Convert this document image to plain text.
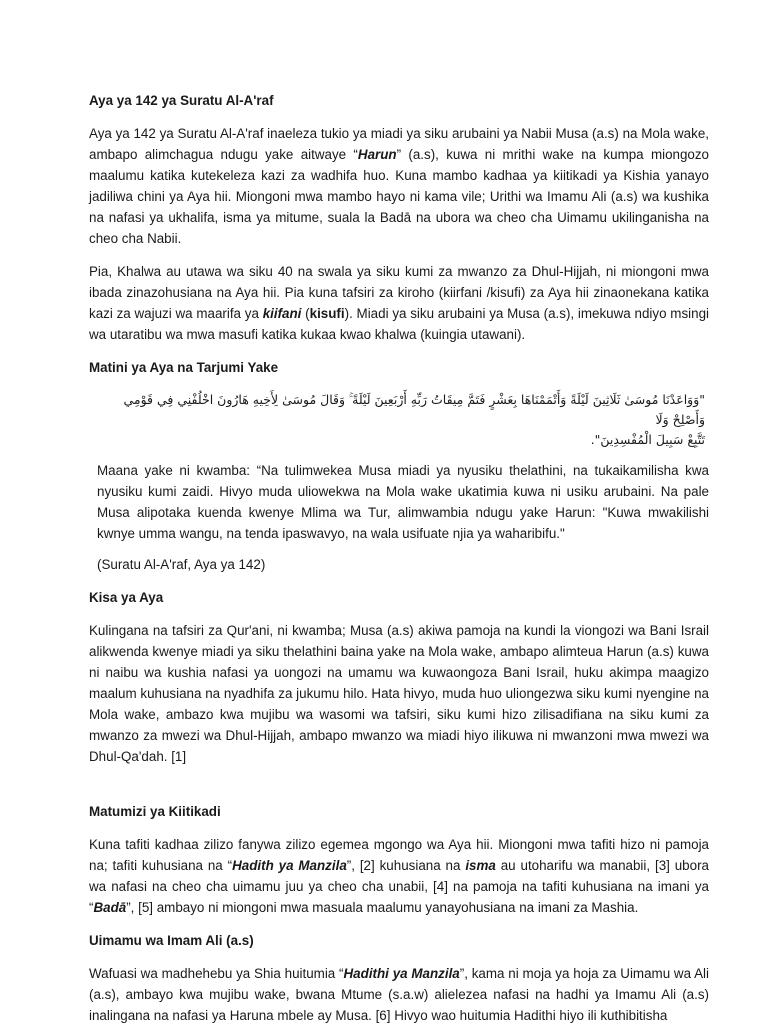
Aya ya 142 ya Suratu Al-A'raf

Aya ya 142 ya Suratu Al-A'raf inaeleza tukio ya miadi ya siku arubaini ya Nabii Musa (a.s) na Mola wake, ambapo alimchagua ndugu yake aitwaye “Harun” (a.s), kuwa ni mrithi wake na kumpa miongozo maalumu katika kutekeleza kazi za wadhifa huo. Kuna mambo kadhaa ya kiitikadi ya Kishia yanayo jadiliwa chini ya Aya hii. Miongoni mwa mambo hayo ni kama vile; Urithi wa Imamu Ali (a.s) wa kushika na nafasi ya ukhalifa, isma ya mitume, suala la Badā na ubora wa cheo cha Uimamu ukilinganisha na cheo cha Nabii.

Pia, Khalwa au utawa wa siku 40 na swala ya siku kumi za mwanzo za Dhul-Hijjah, ni miongoni mwa ibada zinazohusiana na Aya hii. Pia kuna tafsiri za kiroho (kiirfani /kisufi) za Aya hii zinaonekana katika kazi za wajuzi wa maarifa ya kiifani (kisufi). Miadi ya siku arubaini ya Musa (a.s), imekuwa ndiyo msingi wa utaratibu wa mwa masufi katika kukaa kwao khalwa (kuingia utawani).

Matini ya Aya na Tarjumi Yake
"وَوَاعَدْنَا مُوسَىٰ ثَلَاثِينَ لَيْلَةً وَأَتْمَمْنَاهَا بِعَشْرٍ فَتَمَّ مِيقَاتُ رَبِّهِ أَرْبَعِينَ لَيْلَةً ۚ وَقَالَ مُوسَىٰ لِأَخِيهِ هَارُونَ اخْلُفْنِي فِي قَوْمِي وَأَصْلِحْ وَلَا
تَتَّبِعْ سَبِيلَ الْمُفْسِدِينَ".

Maana yake ni kwamba: “Na tulimwekea Musa miadi ya nyusiku thelathini, na tukaikamilisha kwa nyusiku kumi zaidi. Hivyo muda uliowekwa na Mola wake ukatimia kuwa ni usiku arubaini. Na pale Musa alipotaka kuenda kwenye Mlima wa Tur, alimwambia ndugu yake Harun: "Kuwa mwakilishi kwnye umma wangu, na tenda ipaswavyo, na wala usifuate njia ya waharibifu."

(Suratu Al-A'raf, Aya ya 142)

Kisa ya Aya

Kulingana na tafsiri za Qur'ani, ni kwamba; Musa (a.s) akiwa pamoja na kundi la viongozi wa Bani Israil alikwenda kwenye miadi ya siku thelathini baina yake na Mola wake, ambapo alimteua Harun (a.s) kuwa ni naibu wa kushia nafasi ya uongozi na umamu wa kuwaongoza Bani Israil, huku akimpa maagizo maalum kuhusiana na nyadhifa za jukumu hilo. Hata hivyo, muda huo uliongezwa siku kumi nyengine na Mola wake, ambazo kwa mujibu wa wasomi wa tafsiri, siku kumi hizo zilisadifiana na siku kumi za mwanzo za mwezi wa Dhul-Hijjah, ambapo mwanzo wa miadi hiyo ilikuwa ni mwanzoni mwa mwezi wa Dhul-Qa'dah. [1]

Matumizi ya Kiitikadi

Kuna tafiti kadhaa zilizo fanywa zilizo egemea mgongo wa Aya hii. Miongoni mwa tafiti hizo ni pamoja na; tafiti kuhusiana na “Hadith ya Manzila”, [2] kuhusiana na isma au utoharifu wa manabii, [3] ubora wa nafasi na cheo cha uimamu juu ya cheo cha unabii, [4] na pamoja na tafiti kuhusiana na imani ya “Badā”, [5] ambayo ni miongoni mwa masuala maalumu yanayohusiana na imani za Mashia.

Uimamu wa Imam Ali (a.s)

Wafuasi wa madhehebu ya Shia huitumia “Hadithi ya Manzila”, kama ni moja ya hoja za Uimamu wa Ali (a.s), ambayo kwa mujibu wake, bwana Mtume (s.a.w) alielezea nafasi na hadhi ya Imamu Ali (a.s) inalingana na nafasi ya Haruna mbele ay Musa. [6] Hivyo wao huitumia Hadithi hiyo ili kuthibitisha
